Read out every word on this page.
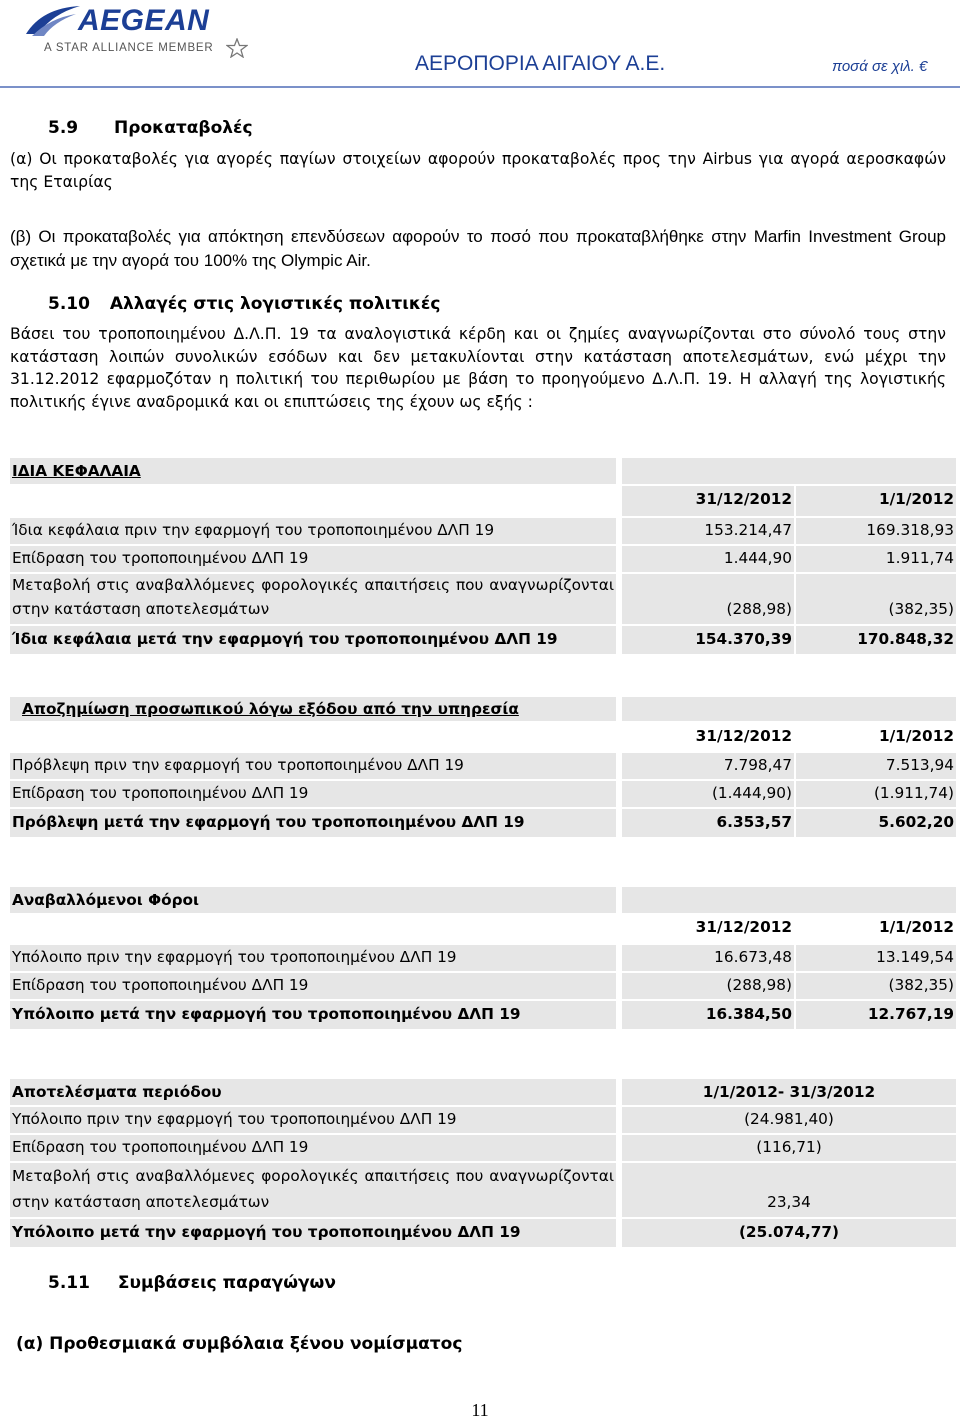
AEGEAN
A STAR ALLIANCE MEMBER
ΑΕΡΟΠΟΡΙΑ ΑΙΓΑΙΟΥ Α.Ε.	ποσά σε χιλ. €
5.9 Προκαταβολές
(α) Οι προκαταβολές για αγορές παγίων στοιχείων αφορούν προκαταβολές προς την Airbus για αγορά αεροσκαφών της Εταιρίας
(β) Οι προκαταβολές για απόκτηση επενδύσεων αφορούν το ποσό που προκαταβλήθηκε στην Marfin Investment Group σχετικά με την αγορά του 100% της Olympic Air.
5.10 Αλλαγές στις λογιστικές πολιτικές
Βάσει του τροποποιημένου Δ.Λ.Π. 19 τα αναλογιστικά κέρδη και οι ζημίες αναγνωρίζονται στο σύνολό τους στην κατάσταση λοιπών συνολικών εσόδων και δεν μετακυλίονται στην κατάσταση αποτελεσμάτων, ενώ μέχρι την 31.12.2012 εφαρμοζόταν η πολιτική του περιθωρίου με βάση το προηγούμενο Δ.Λ.Π. 19. Η αλλαγή της λογιστικής πολιτικής έγινε αναδρομικά και οι επιπτώσεις της έχουν ως εξής :
ΙΔΙΑ ΚΕΦΑΛΑΙΑ
31/12/2012	1/1/2012
Ίδια κεφάλαια πριν την εφαρμογή του τροποποιημένου ΔΛΠ 19	153.214,47	169.318,93
Επίδραση του τροποποιημένου ΔΛΠ 19	1.444,90	1.911,74
Μεταβολή στις αναβαλλόμενες φορολογικές απαιτήσεις που αναγνωρίζονται
στην κατάσταση αποτελεσμάτων	(288,98)	(382,35)
Ίδια κεφάλαια μετά την εφαρμογή του τροποποιημένου ΔΛΠ 19	154.370,39	170.848,32
Αποζημίωση προσωπικού λόγω εξόδου από την υπηρεσία
31/12/2012	1/1/2012
Πρόβλεψη πριν την εφαρμογή του τροποποιημένου ΔΛΠ 19	7.798,47	7.513,94
Επίδραση του τροποποιημένου ΔΛΠ 19	(1.444,90)	(1.911,74)
Πρόβλεψη μετά την εφαρμογή του τροποποιημένου ΔΛΠ 19	6.353,57	5.602,20
Αναβαλλόμενοι Φόροι
31/12/2012	1/1/2012
Υπόλοιπο πριν την εφαρμογή του τροποποιημένου ΔΛΠ 19	16.673,48	13.149,54
Επίδραση του τροποποιημένου ΔΛΠ 19	(288,98)	(382,35)
Υπόλοιπο μετά την εφαρμογή του τροποποιημένου ΔΛΠ 19	16.384,50	12.767,19
Αποτελέσματα περιόδου	1/1/2012- 31/3/2012
Υπόλοιπο πριν την εφαρμογή του τροποποιημένου ΔΛΠ 19	(24.981,40)
Επίδραση του τροποποιημένου ΔΛΠ 19	(116,71)
Μεταβολή στις αναβαλλόμενες φορολογικές απαιτήσεις που αναγνωρίζονται
στην κατάσταση αποτελεσμάτων	23,34
Υπόλοιπο μετά την εφαρμογή του τροποποιημένου ΔΛΠ 19	(25.074,77)
5.11 Συμβάσεις παραγώγων
(α) Προθεσμιακά συμβόλαια ξένου νομίσματος
11
